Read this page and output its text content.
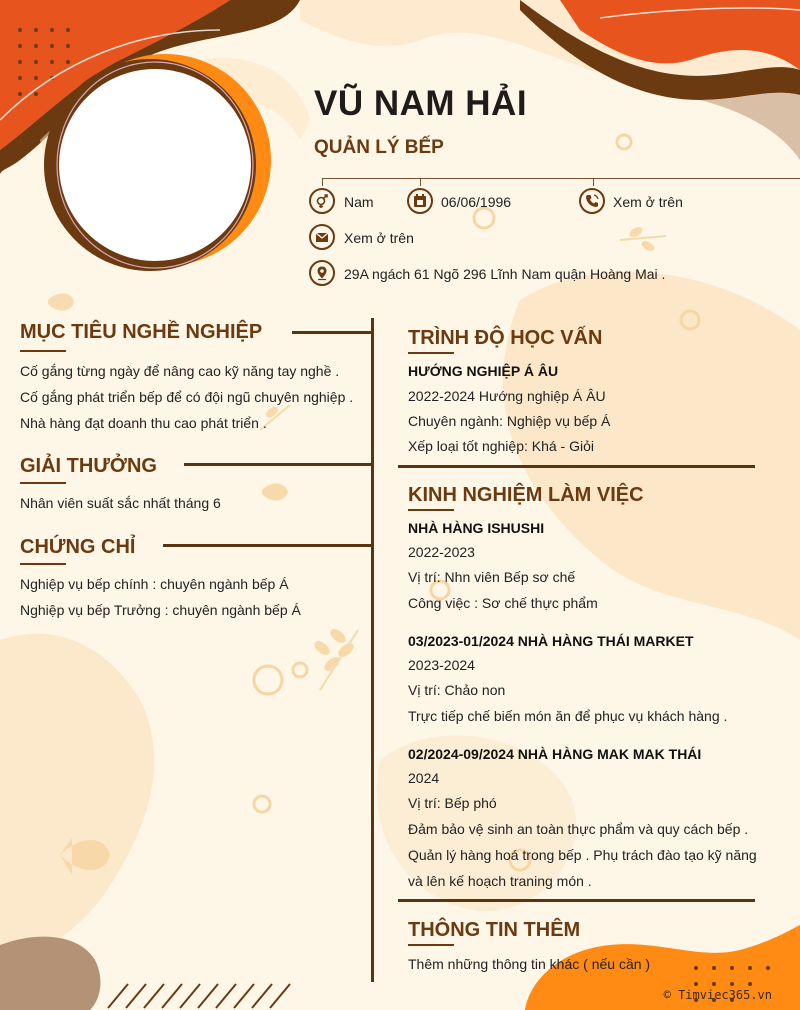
VŨ NAM HẢI
QUẢN LÝ BẾP
Nam	06/06/1996	Xem ở trên
Xem ở trên
29A ngách 61 Ngõ 296 Lĩnh Nam quận Hoàng Mai .
MỤC TIÊU NGHỀ NGHIỆP
Cố gắng từng ngày để nâng cao kỹ năng tay nghề .
Cố gắng phát triển bếp để có đội ngũ chuyên nghiệp .
Nhà hàng đạt doanh thu cao phát triển .
GIẢI THƯỞNG
Nhân viên suất sắc nhất tháng 6
CHỨNG CHỈ
Nghiệp vụ bếp chính : chuyên ngành bếp Á
Nghiệp vụ bếp Trưởng : chuyên ngành bếp Á
TRÌNH ĐỘ HỌC VẤN
HƯỚNG NGHIỆP Á ÂU
2022-2024 Hướng nghiệp Á ÂU
Chuyên ngành: Nghiệp vụ bếp Á
Xếp loại tốt nghiệp: Khá - Giỏi
KINH NGHIỆM LÀM VIỆC
NHÀ HÀNG ISHUSHI
2022-2023
Vị trí: Nhn viên Bếp sơ chế
Công việc : Sơ chế thực phẩm
03/2023-01/2024 NHÀ HÀNG THÁI MARKET
2023-2024
Vị trí: Chảo non
Trực tiếp chế biến món ăn để phục vụ khách hàng .
02/2024-09/2024 NHÀ HÀNG MAK MAK THÁI
2024
Vị trí: Bếp phó
Đảm bảo vệ sinh an toàn thực phẩm và quy cách bếp .
Quản lý hàng hoá trong bếp . Phụ trách đào tạo kỹ năng
và lên kế hoạch traning món .
THÔNG TIN THÊM
Thêm những thông tin khác ( nếu cần )
© Timviec365.vn
